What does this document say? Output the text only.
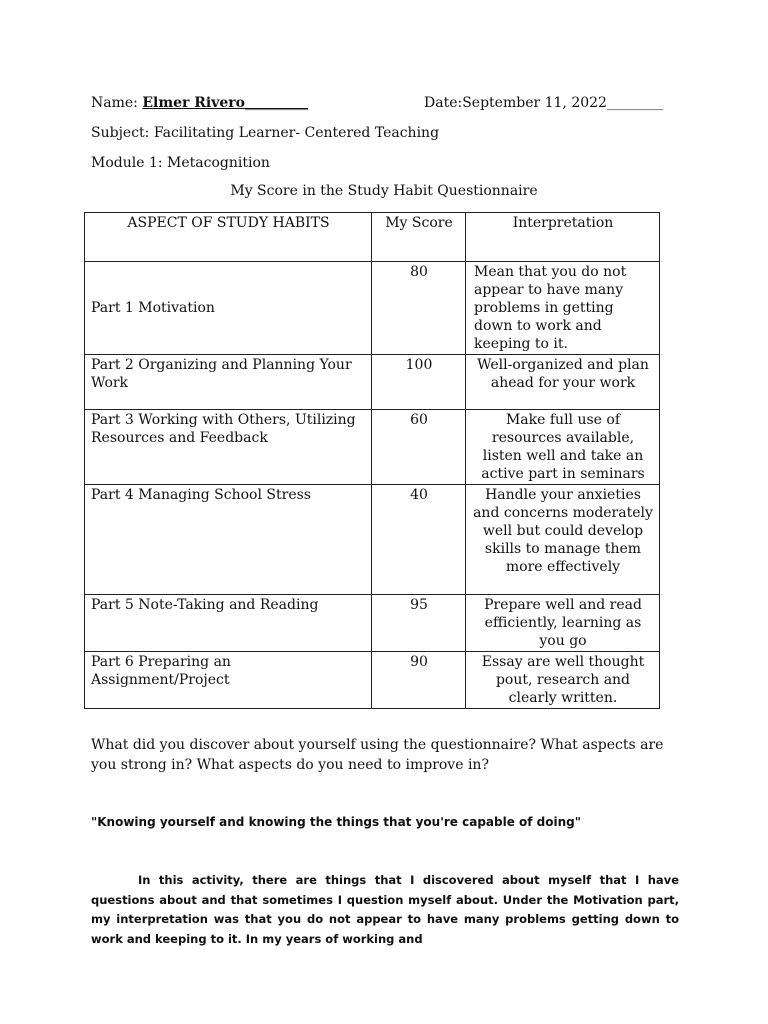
Name: Elmer Rivero_________	Date:September 11, 2022________
Subject: Facilitating Learner- Centered Teaching
Module 1: Metacognition
My Score in the Study Habit Questionnaire
ASPECT OF STUDY HABITS	My Score	Interpretation
Part 1 Motivation	80	Mean that you do not appear to have many problems in getting down to work and keeping to it.
Part 2 Organizing and Planning Your Work	100	Well-organized and plan ahead for your work
Part 3 Working with Others, Utilizing Resources and Feedback	60	Make full use of resources available, listen well and take an active part in seminars
Part 4 Managing School Stress	40	Handle your anxieties and concerns moderately well but could develop skills to manage them more effectively
Part 5 Note-Taking and Reading	95	Prepare well and read efficiently, learning as you go
Part 6 Preparing an Assignment/Project	90	Essay are well thought pout, research and clearly written.
What did you discover about yourself using the questionnaire? What aspects are you strong in? What aspects do you need to improve in?
"Knowing yourself and knowing the things that you're capable of doing"

In this activity, there are things that I discovered about myself that I have questions about and that sometimes I question myself about. Under the Motivation part, my interpretation was that you do not appear to have many problems getting down to work and keeping to it. In my years of working and
